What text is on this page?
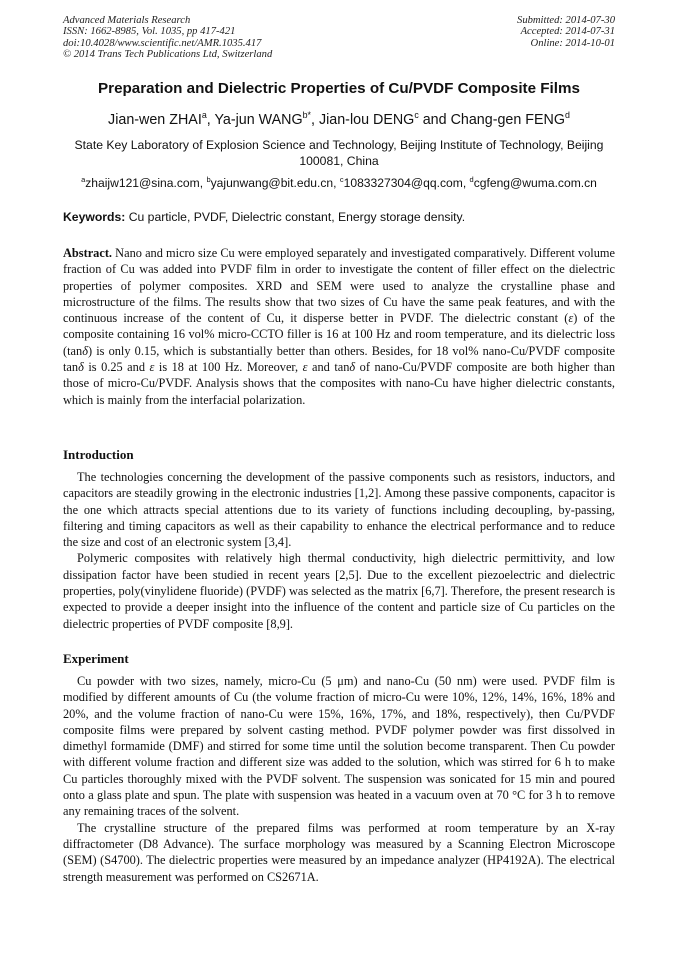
Advanced Materials Research
ISSN: 1662-8985, Vol. 1035, pp 417-421
doi:10.4028/www.scientific.net/AMR.1035.417
© 2014 Trans Tech Publications Ltd, Switzerland
Submitted: 2014-07-30
Accepted: 2014-07-31
Online: 2014-10-01
Preparation and Dielectric Properties of Cu/PVDF Composite Films
Jian-wen ZHAI$^a$, Ya-jun $WANG^{b*}$, Jian-lou DENG$^c$ and Chang-gen FENG$^d$
State Key Laboratory of Explosion Science and Technology, Beijing Institute of Technology, Beijing 100081, China
$^a$zhaijw121@sina.com, $^b$yajunwang@bit.edu.cn, $^c$1083327304@qq.com, $^d$cgfeng@wuma.com.cn
Keywords: Cu particle, PVDF, Dielectric constant, Energy storage density.
Abstract. Nano and micro size Cu were employed separately and investigated comparatively. Different volume fraction of Cu was added into PVDF film in order to investigate the content of filler effect on the dielectric properties of polymer composites. XRD and SEM were used to analyze the crystalline phase and microstructure of the films. The results show that two sizes of Cu have the same peak features, and with the continuous increase of the content of Cu, it disperse better in PVDF. The dielectric constant (ε) of the composite containing 16 vol% micro-CCTO filler is 16 at 100 Hz and room temperature, and its dielectric loss (tanδ) is only 0.15, which is substantially better than others. Besides, for 18 vol% nano-Cu/PVDF composite tanδ is 0.25 and ε is 18 at 100 Hz. Moreover, ε and tanδ of nano-Cu/PVDF composite are both higher than those of micro-Cu/PVDF. Analysis shows that the composites with nano-Cu have higher dielectric constants, which is mainly from the interfacial polarization.
Introduction

The technologies concerning the development of the passive components such as resistors, inductors, and capacitors are steadily growing in the electronic industries [1,2]. Among these passive components, capacitor is the one which attracts special attentions due to its variety of functions including decoupling, by-passing, filtering and timing capacitors as well as their capability to enhance the electrical performance and to reduce the size and cost of an electronic system [3,4].

Polymeric composites with relatively high thermal conductivity, high dielectric permittivity, and low dissipation factor have been studied in recent years [2,5]. Due to the excellent piezoelectric and dielectric properties, poly(vinylidene fluoride) (PVDF) was selected as the matrix [6,7]. Therefore, the present research is expected to provide a deeper insight into the influence of the content and particle size of Cu particles on the dielectric properties of PVDF composite [8,9].

Experiment

Cu powder with two sizes, namely, micro-Cu (5 μm) and nano-Cu (50 nm) were used. PVDF film is modified by different amounts of Cu (the volume fraction of micro-Cu were 10%, 12%, 14%, 16%, 18% and 20%, and the volume fraction of nano-Cu were 15%, 16%, 17%, and 18%, respectively), then Cu/PVDF composite films were prepared by solvent casting method. PVDF polymer powder was first dissolved in dimethyl formamide (DMF) and stirred for some time until the solution become transparent. Then Cu powder with different volume fraction and different size was added to the solution, which was stirred for 6 h to make Cu particles thoroughly mixed with the PVDF solvent. The suspension was sonicated for 15 min and poured onto a glass plate and spun. The plate with suspension was heated in a vacuum oven at 70 °C for 3 h to remove any remaining traces of the solvent.

The crystalline structure of the prepared films was performed at room temperature by an X-ray diffractometer (D8 Advance). The surface morphology was measured by a Scanning Electron Microscope (SEM) (S4700). The dielectric properties were measured by an impedance analyzer (HP4192A). The electrical strength measurement was performed on CS2671A.
